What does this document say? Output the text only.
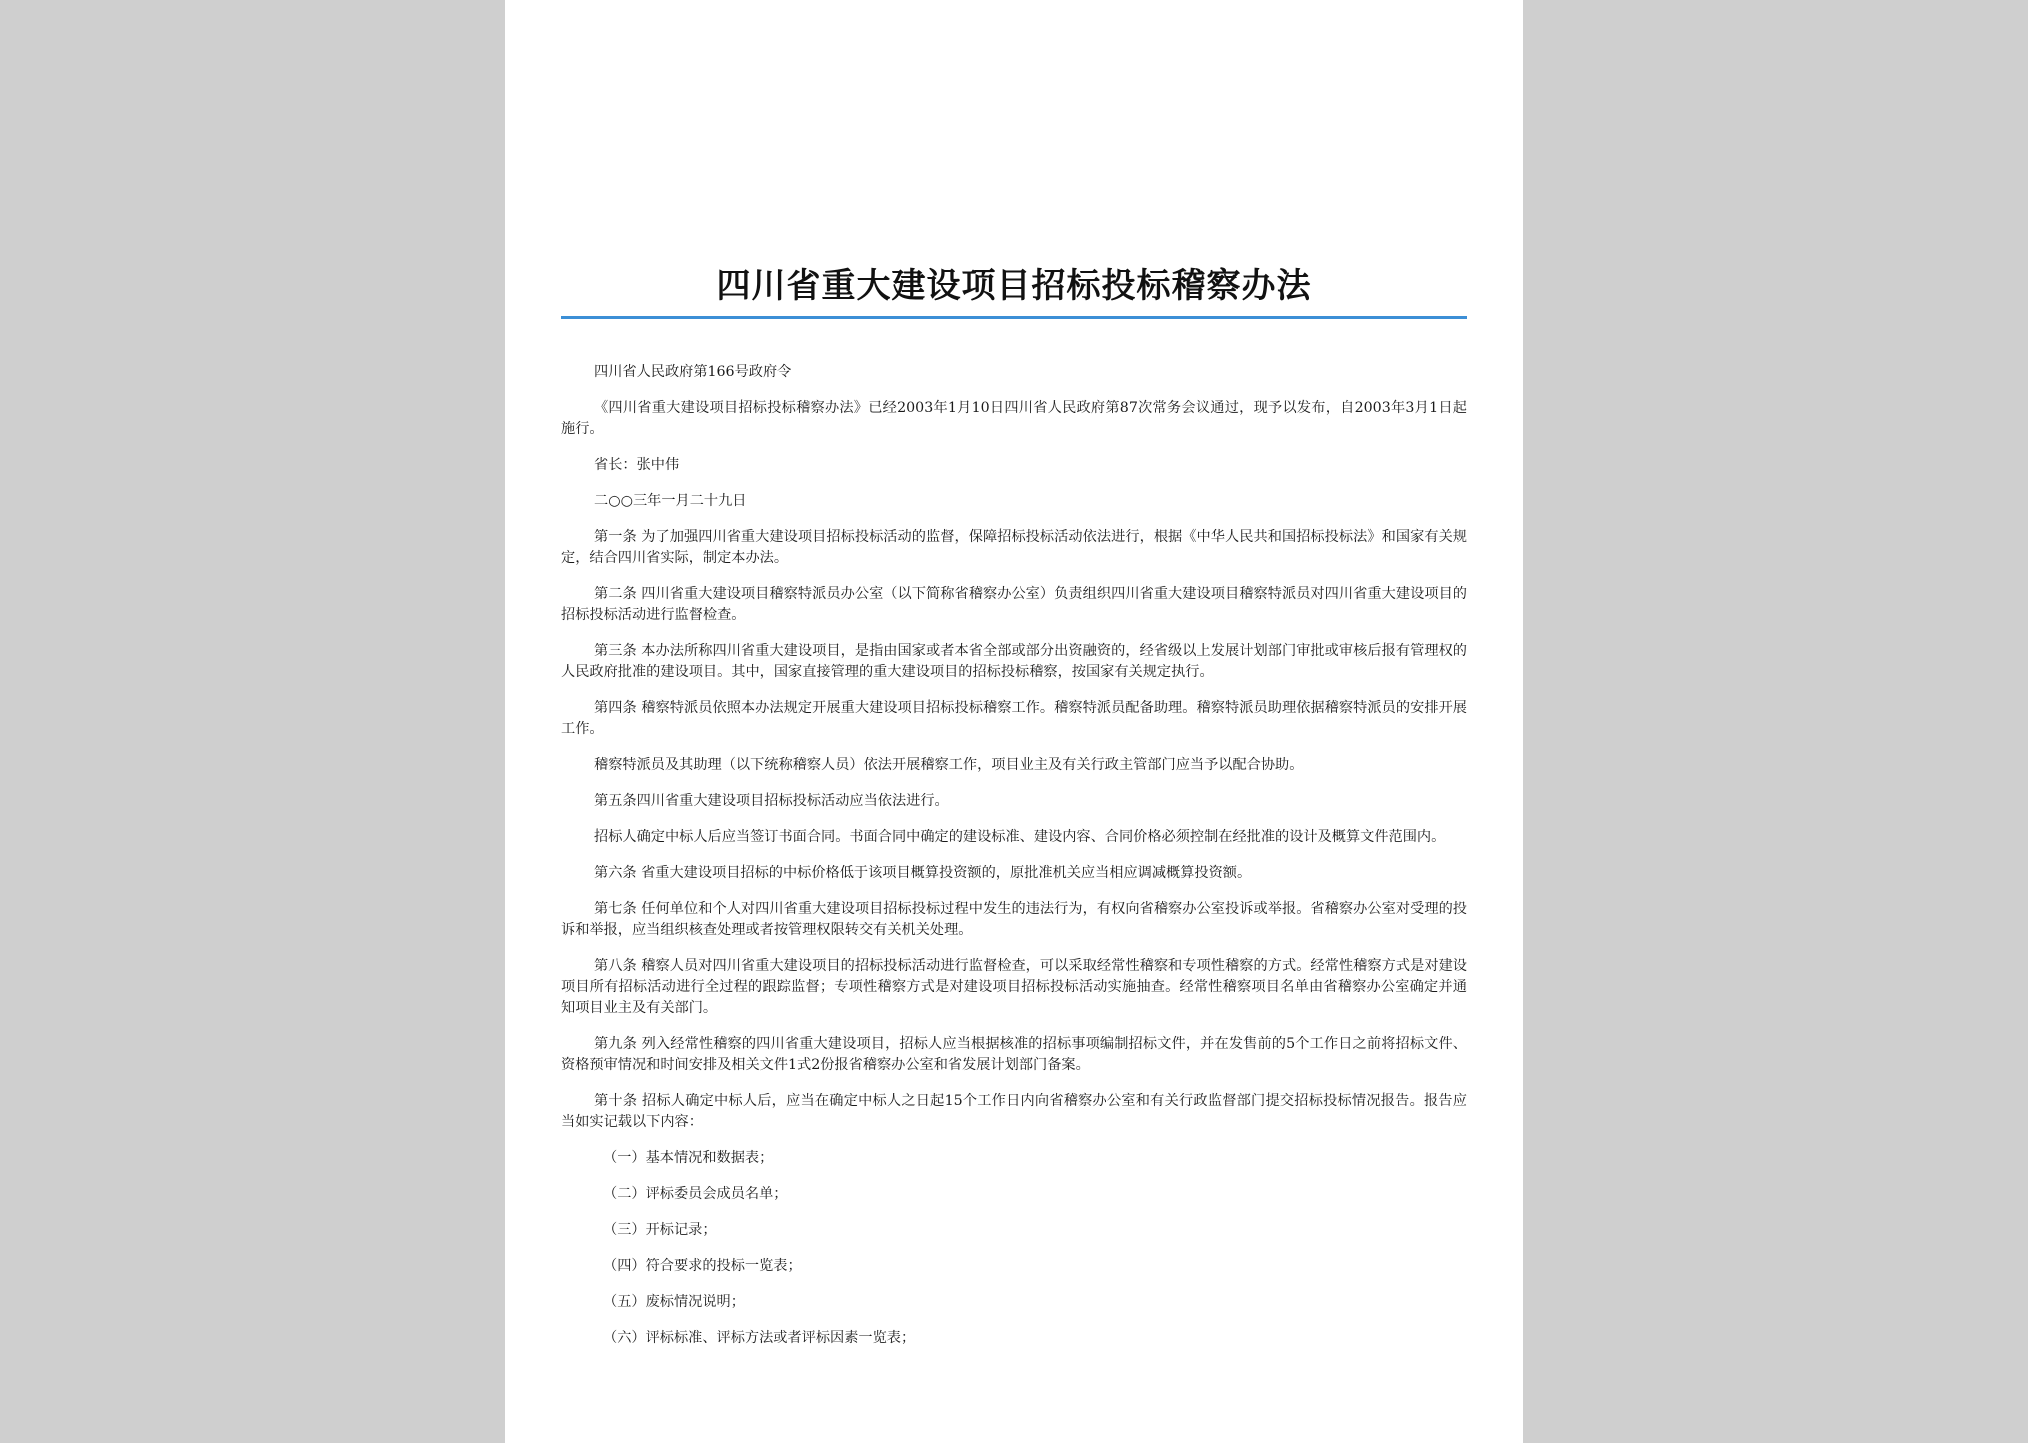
四川省重大建设项目招标投标稽察办法

四川省人民政府第166号政府令

《四川省重大建设项目招标投标稽察办法》已经2003年1月10日四川省人民政府第87次常务会议通过，现予以发布，自2003年3月1日起施行。

省长：张中伟

二○○三年一月二十九日

第一条 为了加强四川省重大建设项目招标投标活动的监督，保障招标投标活动依法进行，根据《中华人民共和国招标投标法》和国家有关规定，结合四川省实际，制定本办法。

第二条 四川省重大建设项目稽察特派员办公室（以下简称省稽察办公室）负责组织四川省重大建设项目稽察特派员对四川省重大建设项目的招标投标活动进行监督检查。

第三条 本办法所称四川省重大建设项目，是指由国家或者本省全部或部分出资融资的，经省级以上发展计划部门审批或审核后报有管理权的人民政府批准的建设项目。其中，国家直接管理的重大建设项目的招标投标稽察，按国家有关规定执行。

第四条 稽察特派员依照本办法规定开展重大建设项目招标投标稽察工作。稽察特派员配备助理。稽察特派员助理依据稽察特派员的安排开展工作。

稽察特派员及其助理（以下统称稽察人员）依法开展稽察工作，项目业主及有关行政主管部门应当予以配合协助。

第五条四川省重大建设项目招标投标活动应当依法进行。

招标人确定中标人后应当签订书面合同。书面合同中确定的建设标准、建设内容、合同价格必须控制在经批准的设计及概算文件范围内。

第六条 省重大建设项目招标的中标价格低于该项目概算投资额的，原批准机关应当相应调减概算投资额。

第七条 任何单位和个人对四川省重大建设项目招标投标过程中发生的违法行为，有权向省稽察办公室投诉或举报。省稽察办公室对受理的投诉和举报，应当组织核查处理或者按管理权限转交有关机关处理。

第八条 稽察人员对四川省重大建设项目的招标投标活动进行监督检查，可以采取经常性稽察和专项性稽察的方式。经常性稽察方式是对建设项目所有招标活动进行全过程的跟踪监督；专项性稽察方式是对建设项目招标投标活动实施抽查。经常性稽察项目名单由省稽察办公室确定并通知项目业主及有关部门。

第九条 列入经常性稽察的四川省重大建设项目，招标人应当根据核准的招标事项编制招标文件，并在发售前的5个工作日之前将招标文件、资格预审情况和时间安排及相关文件1式2份报省稽察办公室和省发展计划部门备案。

第十条 招标人确定中标人后，应当在确定中标人之日起15个工作日内向省稽察办公室和有关行政监督部门提交招标投标情况报告。报告应当如实记载以下内容：

（一）基本情况和数据表；

（二）评标委员会成员名单；

（三）开标记录；

（四）符合要求的投标一览表；

（五）废标情况说明；

（六）评标标准、评标方法或者评标因素一览表；
